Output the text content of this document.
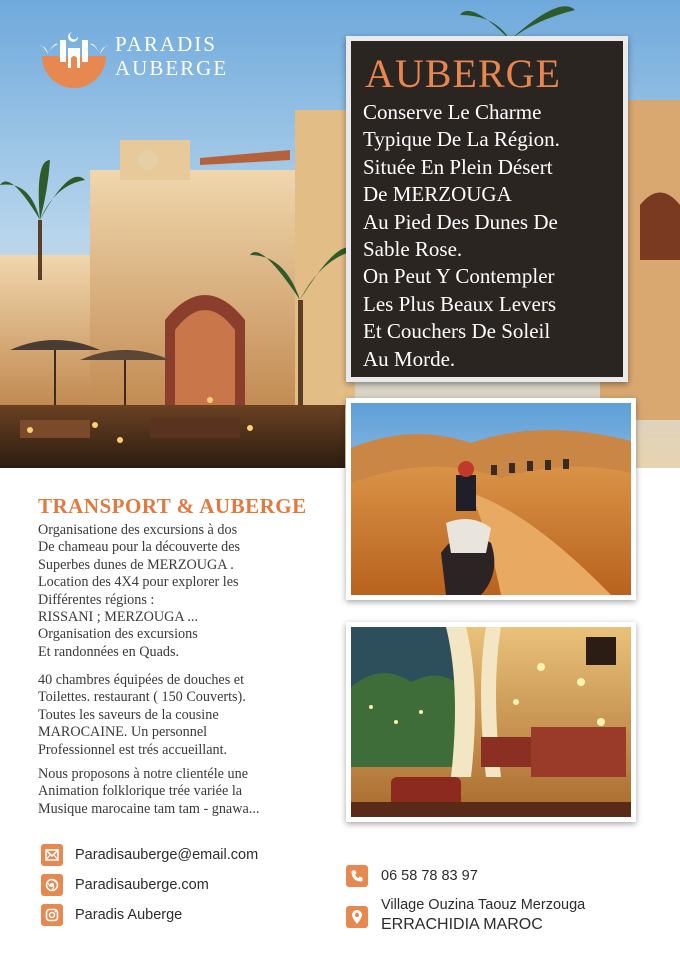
PARADIS
AUBERGE	AUBERGE
Conserve Le Charme
Typique De La Région.
Située En Plein Désert
De MERZOUGA
Au Pied Des Dunes De
Sable Rose.
On Peut Y Contempler
Les Plus Beaux Levers
Et Couchers De Soleil
Au Morde.
TRANSPORT & AUBERGE
Organisatione des excursions à dos
De chameau pour la découverte des
Superbes dunes de MERZOUGA .
Location des 4X4 pour explorer les
Différentes régions :
RISSANI ; MERZOUGA ...
Organisation des excursions
Et randonnées en Quads.
40 chambres équipées de douches et
Toilettes. restaurant ( 150 Couverts).
Toutes les saveurs de la cousine
MAROCAINE. Un personnel
Professionnel est trés accueillant.
Nous proposons à notre clientéle une
Animation folklorique trée variée la
Musique marocaine tam tam - gnawa...
Paradisauberge@email.com
Paradisauberge.com
Paradis Auberge
06 58 78 83 97
Village Ouzina Taouz Merzouga
ERRACHIDIA MAROC
